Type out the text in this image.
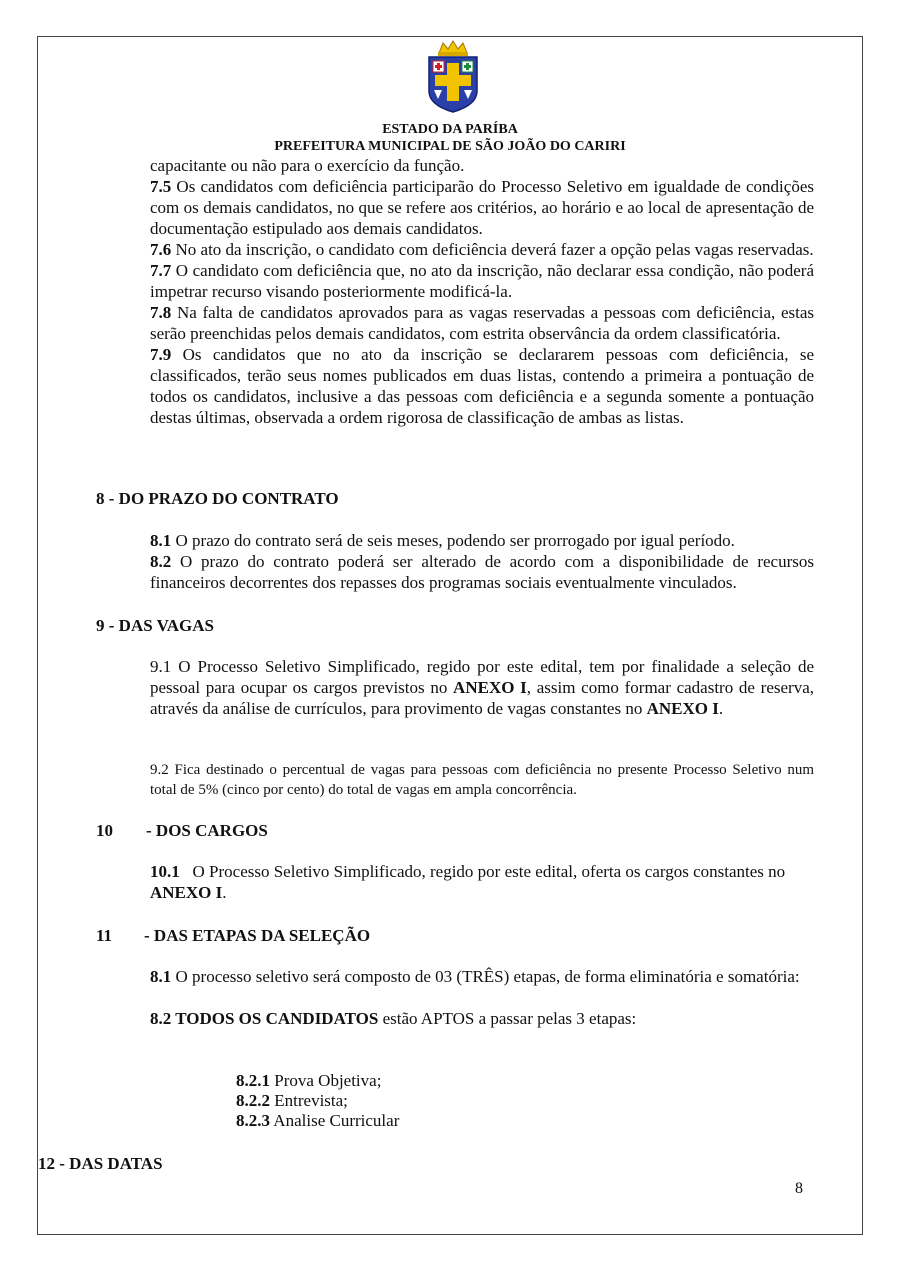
ESTADO DA PARÍBA
PREFEITURA MUNICIPAL DE SÃO JOÃO DO CARIRI

capacitante ou não para o exercício da função.

7.5 Os candidatos com deficiência participarão do Processo Seletivo em igualdade de condições com os demais candidatos, no que se refere aos critérios, ao horário e ao local de apresentação de documentação estipulado aos demais candidatos.

7.6 No ato da inscrição, o candidato com deficiência deverá fazer a opção pelas vagas reservadas.

7.7 O candidato com deficiência que, no ato da inscrição, não declarar essa condição, não poderá impetrar recurso visando posteriormente modificá-la.

7.8 Na falta de candidatos aprovados para as vagas reservadas a pessoas com deficiência, estas serão preenchidas pelos demais candidatos, com estrita observância da ordem classificatória.

7.9 Os candidatos que no ato da inscrição se declararem pessoas com deficiência, se classificados, terão seus nomes publicados em duas listas, contendo a primeira a pontuação de todos os candidatos, inclusive a das pessoas com deficiência e a segunda somente a pontuação destas últimas, observada a ordem rigorosa de classificação de ambas as listas.

8 - DO PRAZO DO CONTRATO

8.1 O prazo do contrato será de seis meses, podendo ser prorrogado por igual período.

8.2 O prazo do contrato poderá ser alterado de acordo com a disponibilidade de recursos financeiros decorrentes dos repasses dos programas sociais eventualmente vinculados.

9 - DAS VAGAS

9.1 O Processo Seletivo Simplificado, regido por este edital, tem por finalidade a seleção de pessoal para ocupar os cargos previstos no ANEXO I, assim como formar cadastro de reserva, através da análise de currículos, para provimento de vagas constantes no ANEXO I.

9.2 Fica destinado o percentual de vagas para pessoas com deficiência no presente Processo Seletivo num total de 5% (cinco por cento) do total de vagas em ampla concorrência.

10 - DOS CARGOS

10.1 O Processo Seletivo Simplificado, regido por este edital, oferta os cargos constantes no ANEXO I.

11 - DAS ETAPAS DA SELEÇÃO
8.1 O processo seletivo será composto de 03 (TRÊS) etapas, de forma eliminatória e somatória:
8.2 TODOS OS CANDIDATOS estão APTOS a passar pelas 3 etapas:
8.2.1 Prova Objetiva;
8.2.2 Entrevista;
8.2.3 Analise Curricular
12 - DAS DATAS
8
